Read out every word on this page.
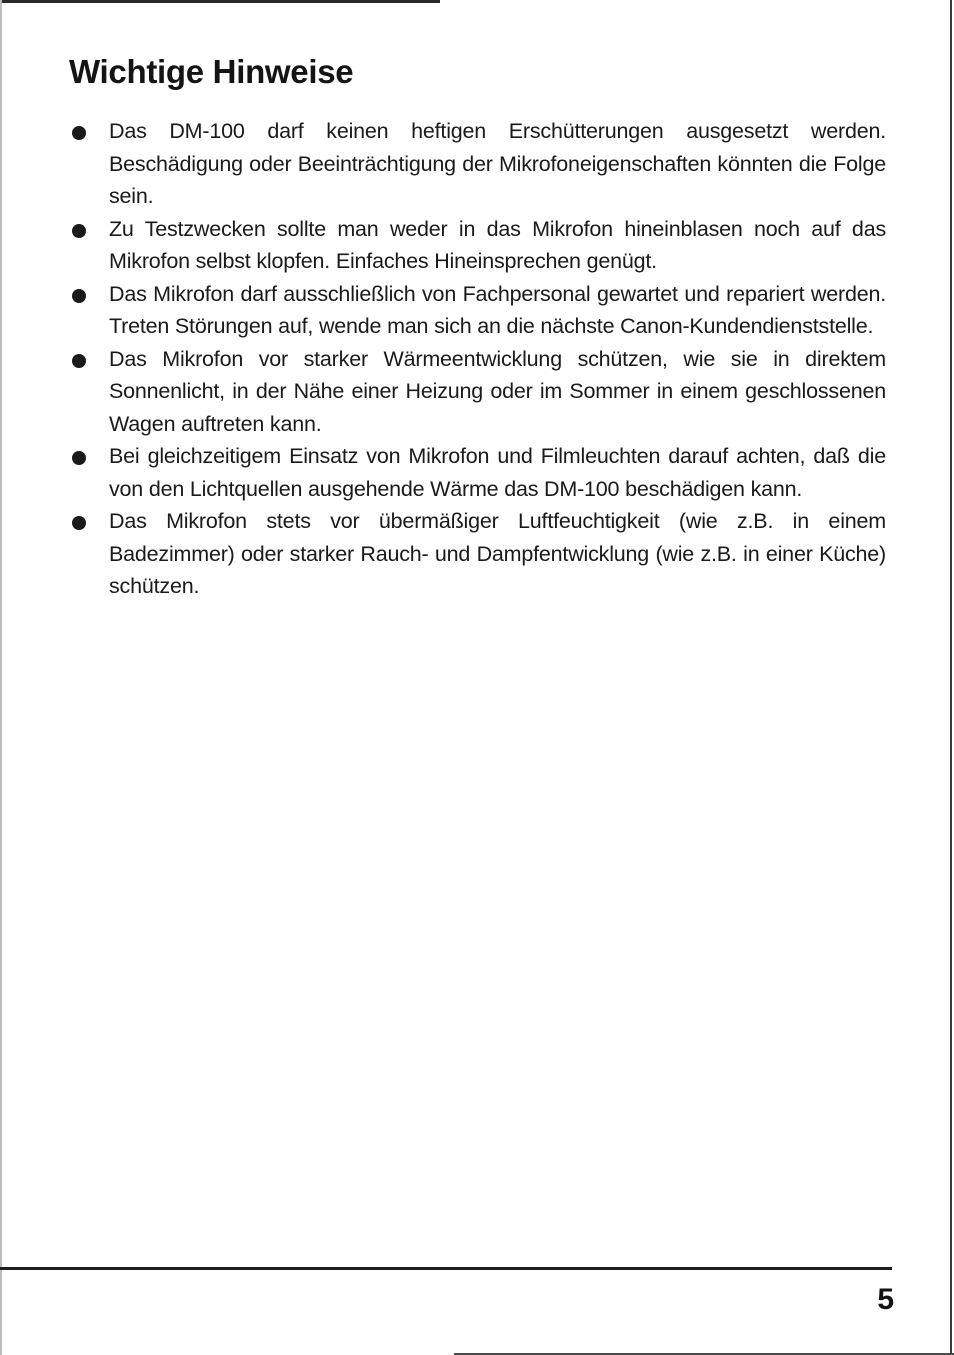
Wichtige Hinweise
Das DM-100 darf keinen heftigen Erschütterungen ausgesetzt werden. Beschädigung oder Beeinträchtigung der Mikrofoneigenschaften könnten die Folge sein.
Zu Testzwecken sollte man weder in das Mikrofon hineinblasen noch auf das Mikrofon selbst klopfen. Einfaches Hineinsprechen genügt.
Das Mikrofon darf ausschließlich von Fachpersonal gewartet und repariert werden. Treten Störungen auf, wende man sich an die nächste Canon-Kundendienststelle.
Das Mikrofon vor starker Wärmeentwicklung schützen, wie sie in direktem Sonnenlicht, in der Nähe einer Heizung oder im Sommer in einem geschlossenen Wagen auftreten kann.
Bei gleichzeitigem Einsatz von Mikrofon und Filmleuchten darauf achten, daß die von den Lichtquellen ausgehende Wärme das DM-100 beschädigen kann.
Das Mikrofon stets vor übermäßiger Luftfeuchtigkeit (wie z.B. in einem Badezimmer) oder starker Rauch- und Dampfentwicklung (wie z.B. in einer Küche) schützen.
5
